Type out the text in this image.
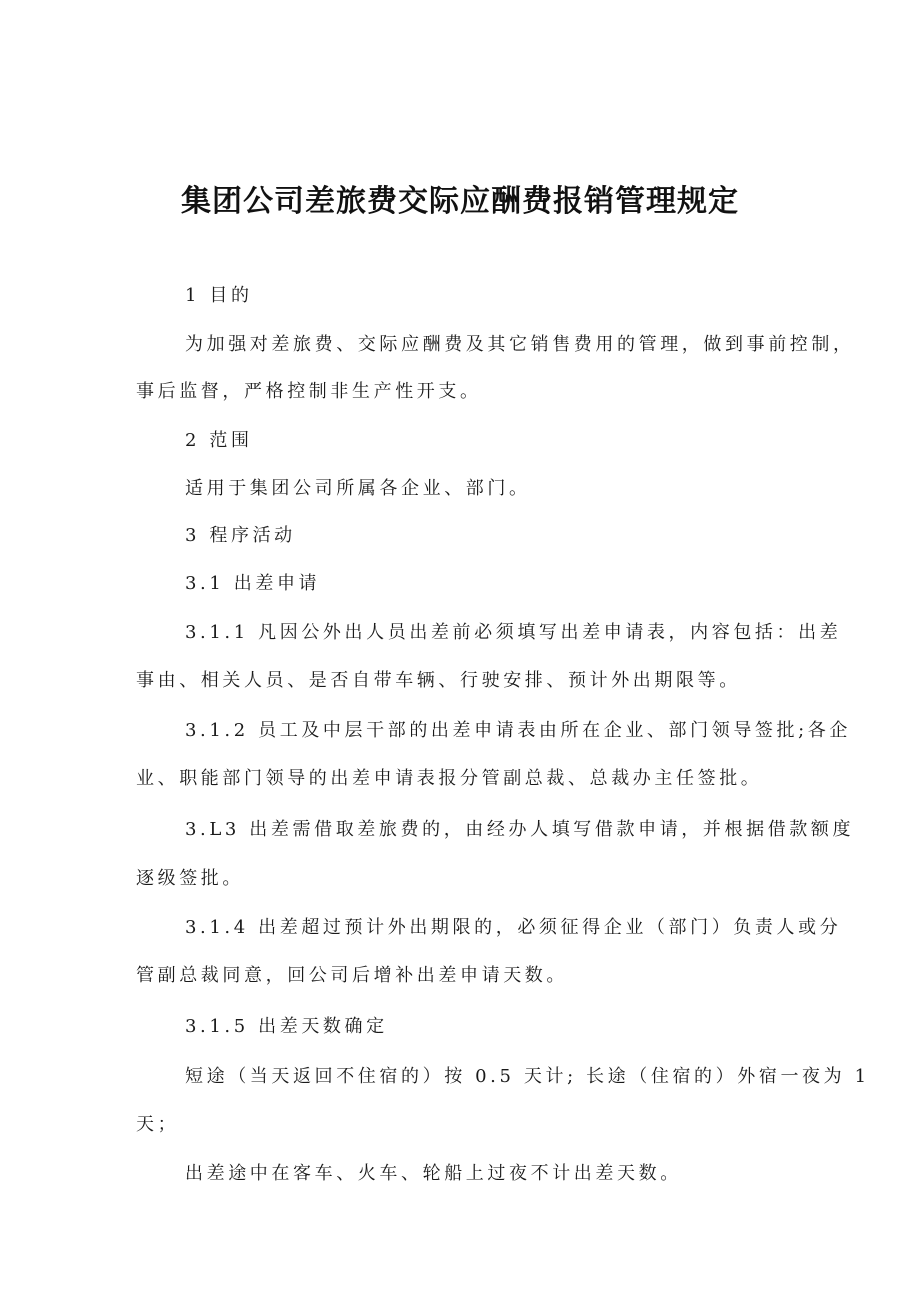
集团公司差旅费交际应酬费报销管理规定
1 目的
为加强对差旅费、交际应酬费及其它销售费用的管理，做到事前控制，
事后监督，严格控制非生产性开支。
2 范围
适用于集团公司所属各企业、部门。
3 程序活动
3.1 出差申请
3.1.1 凡因公外出人员出差前必须填写出差申请表，内容包括：出差
事由、相关人员、是否自带车辆、行驶安排、预计外出期限等。
3.1.2 员工及中层干部的出差申请表由所在企业、部门领导签批;各企
业、职能部门领导的出差申请表报分管副总裁、总裁办主任签批。
3.L3 出差需借取差旅费的，由经办人填写借款申请，并根据借款额度
逐级签批。
3.1.4 出差超过预计外出期限的，必须征得企业（部门）负责人或分
管副总裁同意，回公司后增补出差申请天数。
3.1.5 出差天数确定
短途（当天返回不住宿的）按 0.5 天计; 长途（住宿的）外宿一夜为 1
天；
出差途中在客车、火车、轮船上过夜不计出差天数。
